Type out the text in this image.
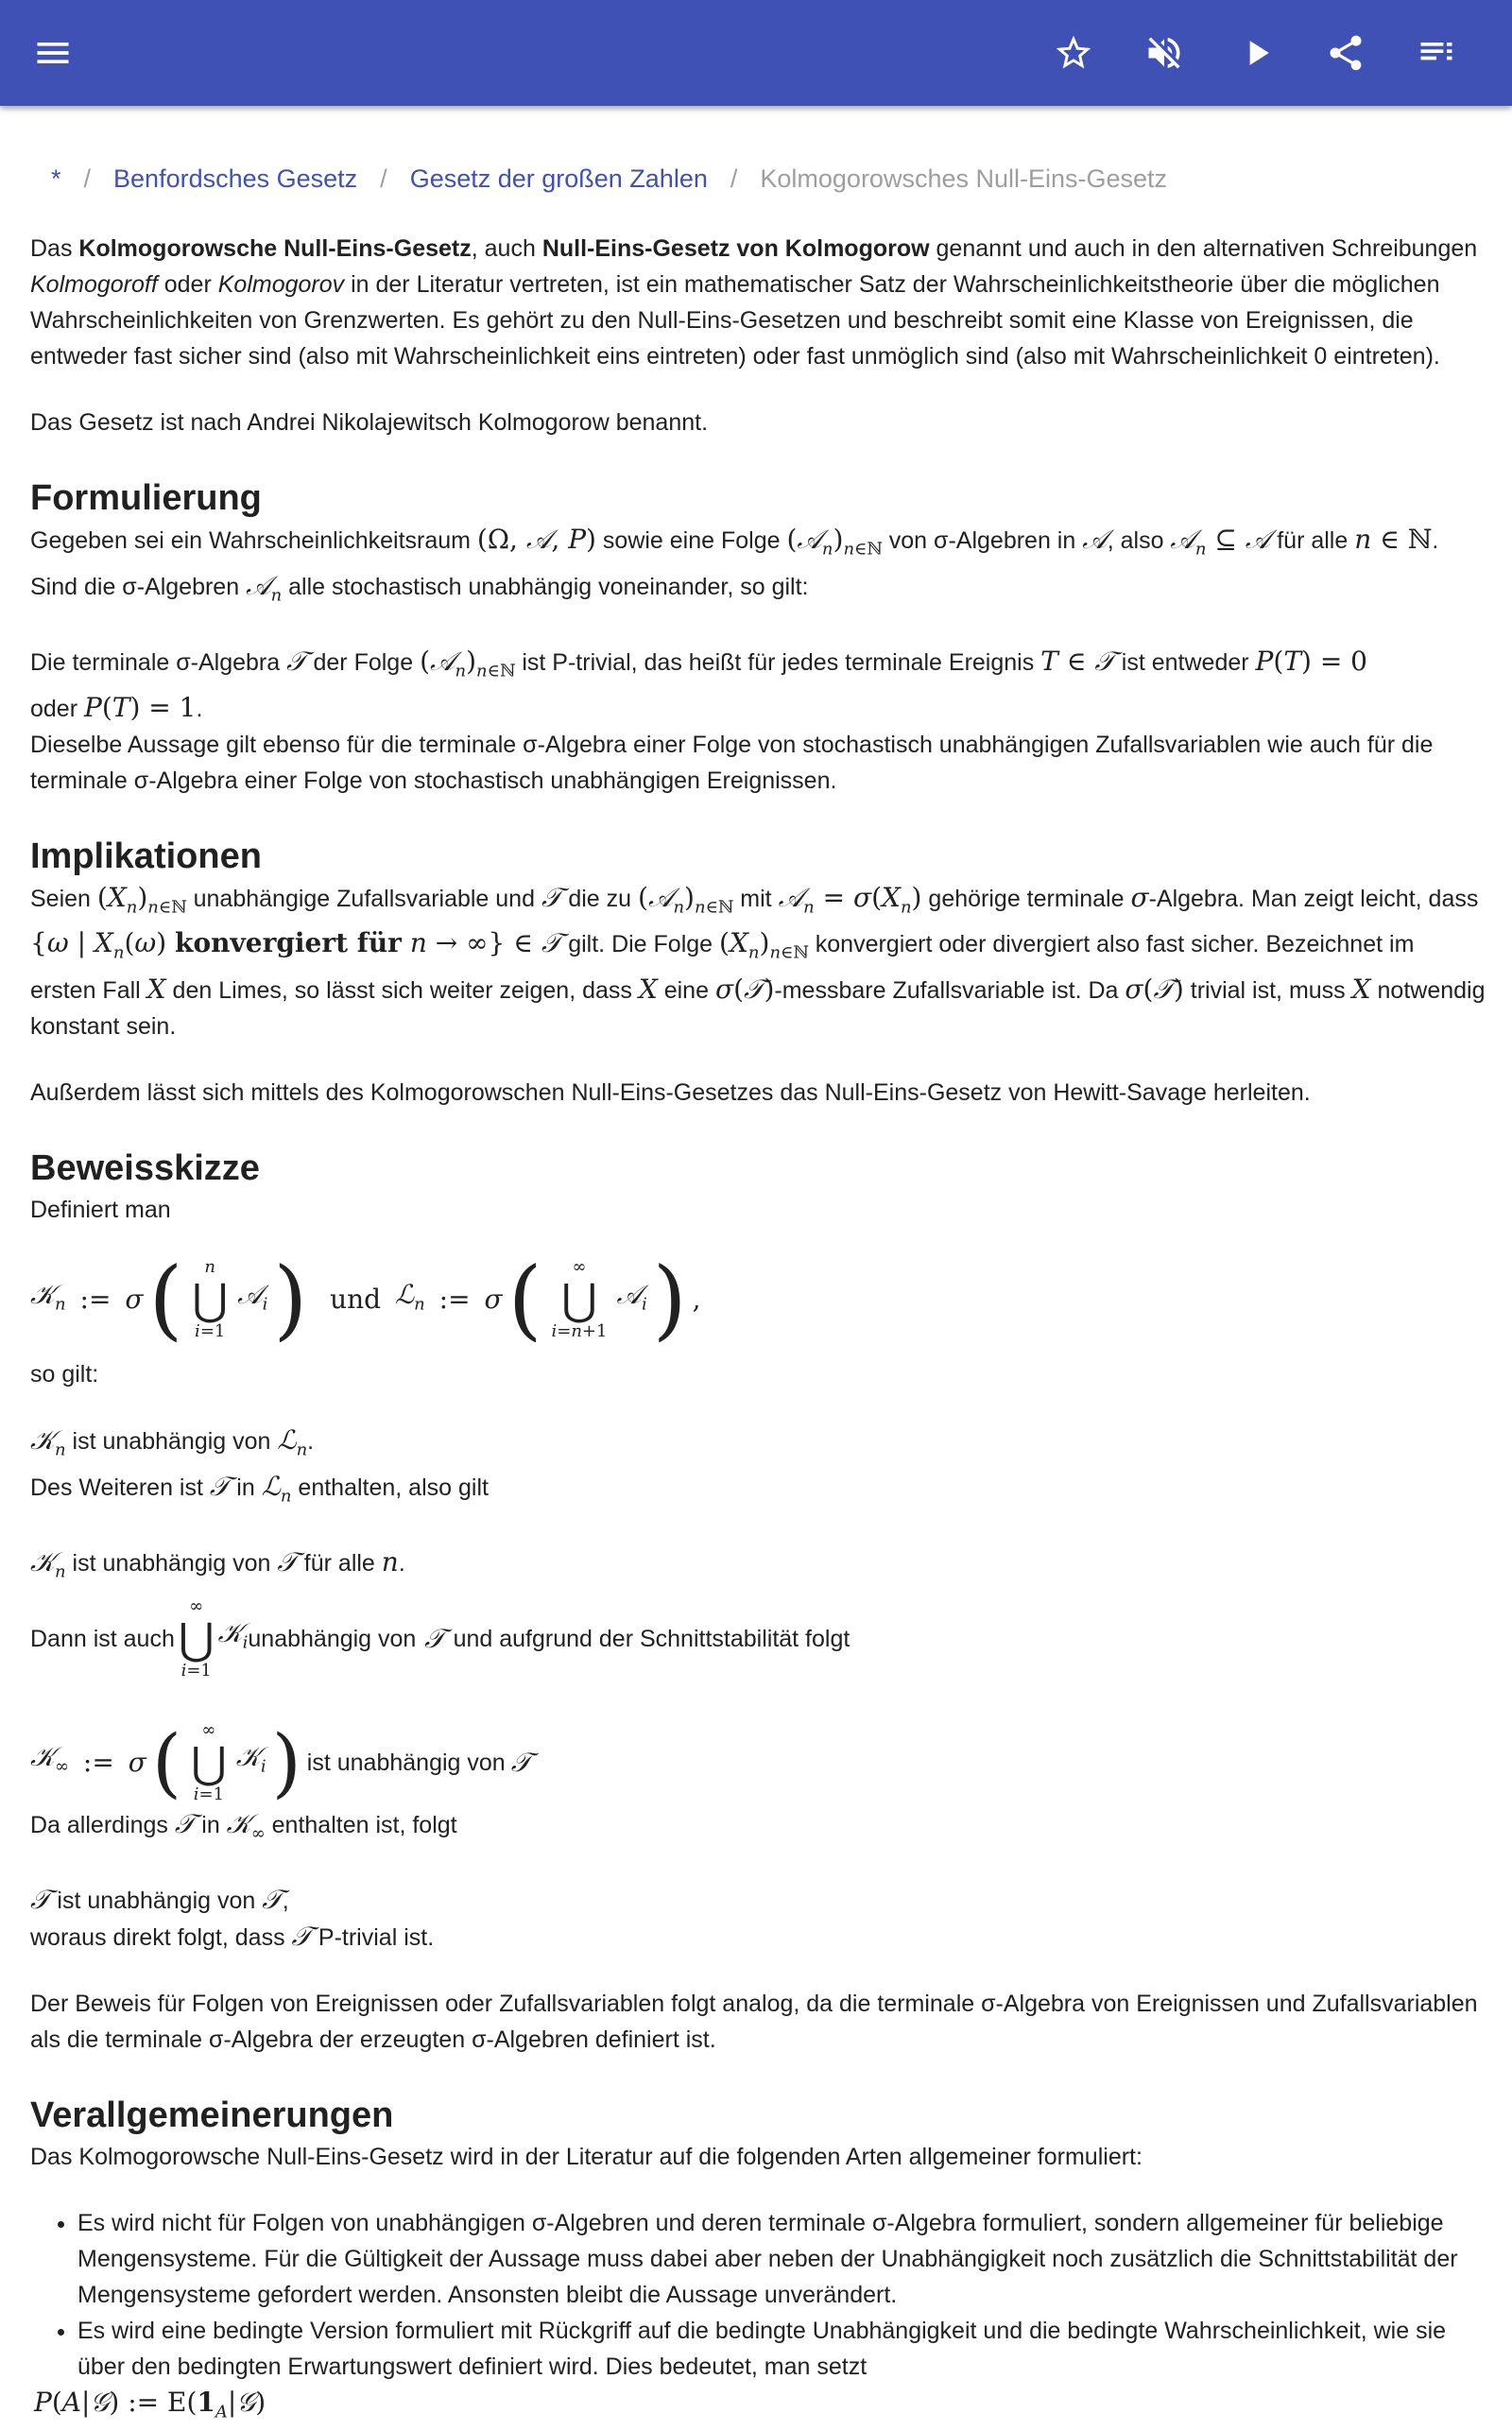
* / Benfordsches Gesetz / Gesetz der großen Zahlen / Kolmogorowsches Null-Eins-Gesetz

Das Kolmogorowsche Null-Eins-Gesetz, auch Null-Eins-Gesetz von Kolmogorow genannt und auch in den alternativen Schreibungen Kolmogoroff oder Kolmogorov in der Literatur vertreten, ist ein mathematischer Satz der Wahrscheinlichkeitstheorie über die möglichen Wahrscheinlichkeiten von Grenzwerten. Es gehört zu den Null-Eins-Gesetzen und beschreibt somit eine Klasse von Ereignissen, die entweder fast sicher sind (also mit Wahrscheinlichkeit eins eintreten) oder fast unmöglich sind (also mit Wahrscheinlichkeit 0 eintreten).

Das Gesetz ist nach Andrei Nikolajewitsch Kolmogorow benannt.

Formulierung

Gegeben sei ein Wahrscheinlichkeitsraum (Ω, 𝒜, P) sowie eine Folge $(𝒜_n)_{n\in ℕ}$ von σ-Algebren in 𝒜, also 𝒜$_n$ ⊆ 𝒜 für alle n ∈ ℕ.
Sind die σ-Algebren 𝒜$_n$ alle stochastisch unabhängig voneinander, so gilt:

Die terminale σ-Algebra 𝒯 der Folge $(𝒜_n)_{n\in ℕ}$ ist P-trivial, das heißt für jedes terminale Ereignis T ∈ 𝒯 ist entweder P(T) = 0
oder P(T) = 1.
Dieselbe Aussage gilt ebenso für die terminale σ-Algebra einer Folge von stochastisch unabhängigen Zufallsvariablen wie auch für die terminale σ-Algebra einer Folge von stochastisch unabhängigen Ereignissen.

Implikationen

Seien $(X_n)_{n\in ℕ}$ unabhängige Zufallsvariable und 𝒯 die zu $(𝒜_n)_{n\in ℕ}$ mit 𝒜$_n$ = $\sigma(X_n)$ gehörige terminale σ-Algebra. Man zeigt leicht, dass {ω | $X_n(\omega)$ konvergiert für n → ∞} ∈ 𝒯 gilt. Die Folge $(X_n)_{n\in ℕ}$ konvergiert oder divergiert also fast sicher. Bezeichnet im ersten Fall X den Limes, so lässt sich weiter zeigen, dass X eine σ(𝒯)-messbare Zufallsvariable ist. Da σ(𝒯) trivial ist, muss X notwendig konstant sein.

Außerdem lässt sich mittels des Kolmogorowschen Null-Eins-Gesetzes das Null-Eins-Gesetz von Hewitt-Savage herleiten.

Beweisskizze

Definiert man

𝒦$_n$ := σ ( n
⋃
i=1
𝒜$_i$ ) und ℒ$_n$ := σ ( ∞
⋃
i=n+1
𝒜$_i$ ) ,

so gilt:

𝒦$_n$ ist unabhängig von ℒ$_n$.
Des Weiteren ist 𝒯 in ℒ$_n$ enthalten, also gilt

𝒦$_n$ ist unabhängig von 𝒯 für alle n.

Dann ist auch
∞
⋃
i=1
𝒦$_i$ unabhängig von 𝒯 und aufgrund der Schnittstabilität folgt
𝒦$_\infty$ := σ ( ∞
⋃
i=1
𝒦$_i$ ) ist unabhängig von 𝒯

Da allerdings 𝒯 in 𝒦$_\infty$ enthalten ist, folgt

𝒯 ist unabhängig von 𝒯,
woraus direkt folgt, dass 𝒯 P-trivial ist.

Der Beweis für Folgen von Ereignissen oder Zufallsvariablen folgt analog, da die terminale σ-Algebra von Ereignissen und Zufallsvariablen als die terminale σ-Algebra der erzeugten σ-Algebren definiert ist.

Verallgemeinerungen

Das Kolmogorowsche Null-Eins-Gesetz wird in der Literatur auf die folgenden Arten allgemeiner formuliert:

• Es wird nicht für Folgen von unabhängigen σ-Algebren und deren terminale σ-Algebra formuliert, sondern allgemeiner für beliebige Mengensysteme. Für die Gültigkeit der Aussage muss dabei aber neben der Unabhängigkeit noch zusätzlich die Schnittstabilität der Mengensysteme gefordert werden. Ansonsten bleibt die Aussage unverändert.
• Es wird eine bedingte Version formuliert mit Rückgriff auf die bedingte Unabhängigkeit und die bedingte Wahrscheinlichkeit, wie sie über den bedingten Erwartungswert definiert wird. Dies bedeutet, man setzt
P(A|𝒢) := $E(1_A|𝒢)$
